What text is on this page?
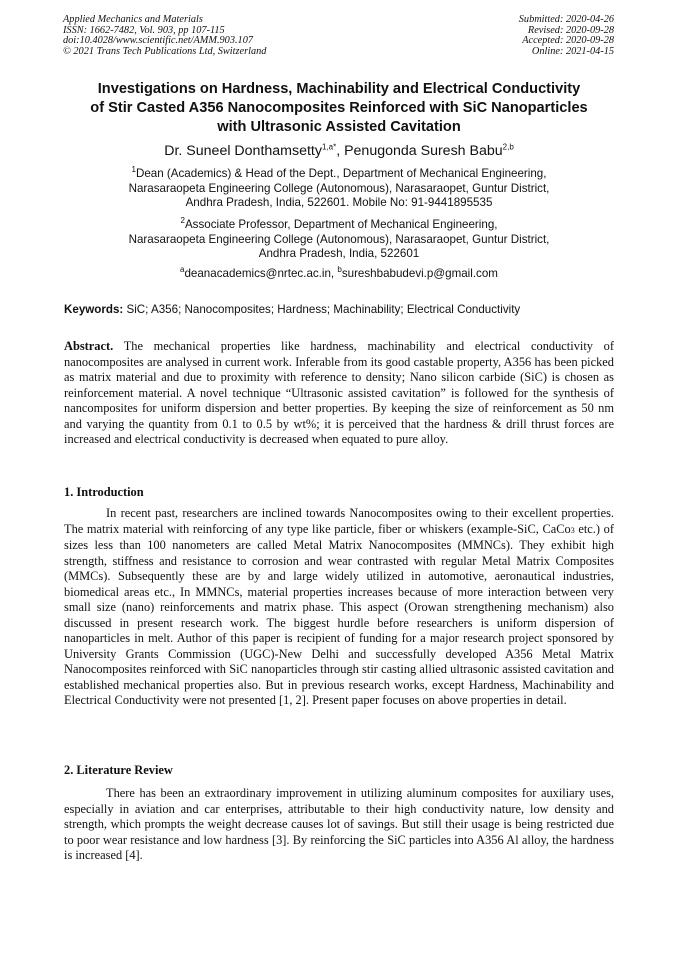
Applied Mechanics and Materials
ISSN: 1662-7482, Vol. 903, pp 107-115
doi:10.4028/www.scientific.net/AMM.903.107
© 2021 Trans Tech Publications Ltd, Switzerland
Submitted: 2020-04-26
Revised: 2020-09-28
Accepted: 2020-09-28
Online: 2021-04-15
Investigations on Hardness, Machinability and Electrical Conductivity
of Stir Casted A356 Nanocomposites Reinforced with SiC Nanoparticles
with Ultrasonic Assisted Cavitation
Dr. Suneel Donthamsetty$^{1,a*}$, Penugonda Suresh Babu$^{2,b}$
$^1$Dean (Academics) & Head of the Dept., Department of Mechanical Engineering,
Narasaraopeta Engineering College (Autonomous), Narasaraopet, Guntur District,
Andhra Pradesh, India, 522601. Mobile No: 91-9441895535
$^2$Associate Professor, Department of Mechanical Engineering,
Narasaraopeta Engineering College (Autonomous), Narasaraopet, Guntur District,
Andhra Pradesh, India, 522601
$^a$deanacademics@nrtec.ac.in, $^b$sureshbabudevi.p@gmail.com
Keywords: SiC; A356; Nanocomposites; Hardness; Machinability; Electrical Conductivity
Abstract. The mechanical properties like hardness, machinability and electrical conductivity of nanocomposites are analysed in current work. Inferable from its good castable property, A356 has been picked as matrix material and due to proximity with reference to density; Nano silicon carbide (SiC) is chosen as reinforcement material. A novel technique “Ultrasonic assisted cavitation” is followed for the synthesis of nancomposites for uniform dispersion and better properties. By keeping the size of reinforcement as 50 nm and varying the quantity from 0.1 to 0.5 by wt%; it is perceived that the hardness & drill thrust forces are increased and electrical conductivity is decreased when equated to pure alloy.
1. Introduction
In recent past, researchers are inclined towards Nanocomposites owing to their excellent properties. The matrix material with reinforcing of any type like particle, fiber or whiskers (example-SiC, CaCo3 etc.) of sizes less than 100 nanometers are called Metal Matrix Nanocomposites (MMNCs). They exhibit high strength, stiffness and resistance to corrosion and wear contrasted with regular Metal Matrix Composites (MMCs). Subsequently these are by and large widely utilized in automotive, aeronautical industries, biomedical areas etc., In MMNCs, material properties increases because of more interaction between very small size (nano) reinforcements and matrix phase. This aspect (Orowan strengthening mechanism) also discussed in present research work. The biggest hurdle before researchers is uniform dispersion of nanoparticles in melt. Author of this paper is recipient of funding for a major research project sponsored by University Grants Commission (UGC)-New Delhi and successfully developed A356 Metal Matrix Nanocomposites reinforced with SiC nanoparticles through stir casting allied ultrasonic assisted cavitation and established mechanical properties also. But in previous research works, except Hardness, Machinability and Electrical Conductivity were not presented [1, 2]. Present paper focuses on above properties in detail.
2. Literature Review
There has been an extraordinary improvement in utilizing aluminum composites for auxiliary uses, especially in aviation and car enterprises, attributable to their high conductivity nature, low density and strength, which prompts the weight decrease causes lot of savings. But still their usage is being restricted due to poor wear resistance and low hardness [3]. By reinforcing the SiC particles into A356 Al alloy, the hardness is increased [4].
